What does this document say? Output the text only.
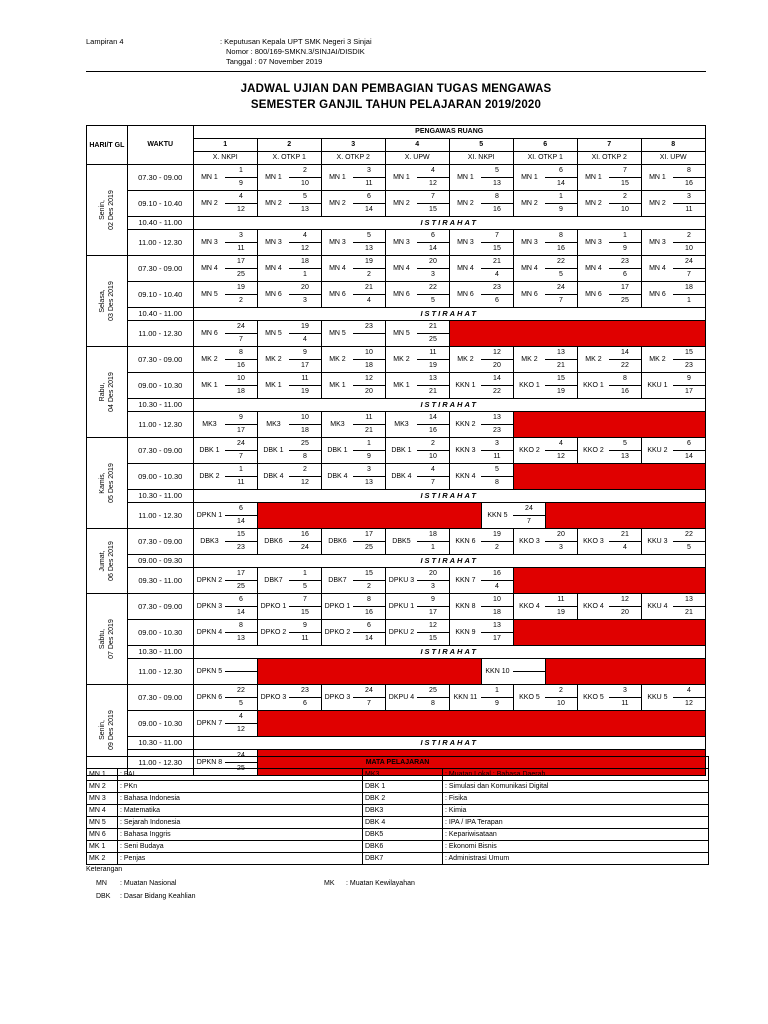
Lampiran 4	: Keputusan Kepala UPT SMK Negeri 3 Sinjai
Nomor : 800/169-SMKN.3/SINJAI/DISDIK
Tanggal : 07 November 2019
JADWAL UJIAN DAN PEMBAGIAN TUGAS MENGAWAS
SEMESTER GANJIL TAHUN PELAJARAN 2019/2020
HARI/T GL	WAKTU	PENGAWAS RUANG															
		1		2		3		4		5		6		7		8	
		X. NKPI		X. OTKP 1		X. OTKP 2		X. UPW		XI. NKPI		XI. OTKP 1		XI. OTKP 2		XI. UPW	

Senin, 02 Des 2019	07.30 - 09.00	MN 1	1	MN 1	2	MN 1	3	MN 1	4	MN 1	5	MN 1	6	MN 1	7	MN 1	8
			9		10		11		12		13		14		15		16
	09.10 - 10.40	MN 2	4	MN 2	5	MN 2	6	MN 2	7	MN 2	8	MN 2	1	MN 2	2	MN 2	3
			12		13		14		15		16		9		10		11
	10.40 - 11.00	ISTIRAHAT															
	11.00 - 12.30	MN 3	3	MN 3	4	MN 3	5	MN 3	6	MN 3	7	MN 3	8	MN 3	1	MN 3	2
			11		12		13		14		15		16		9		10

Selasa, 03 Des 2019	07.30 - 09.00	MN 4	17	MN 4	18	MN 4	19	MN 4	20	MN 4	21	MN 4	22	MN 4	23	MN 4	24
			25		1		2		3		4		5		6		7
	09.10 - 10.40	MN 5	19	MN 6	20	MN 6	21	MN 6	22	MN 6	23	MN 6	24	MN 6	17	MN 6	18
			2		3		4		5		6		7		25		1
	10.40 - 11.00	ISTIRAHAT															
	11.00 - 12.30	MN 6	24	MN 5	19	MN 5	23	MN 5	21								
			7		4				25								

Rabu, 04 Des 2019	07.30 - 09.00	MK 2	8	MK 2	9	MK 2	10	MK 2	11	MK 2	12	MK 2	13	MK 2	14	MK 2	15
			16		17		18		19		20		21		22		23
	09.00 - 10.30	MK 1	10	MK 1	11	MK 1	12	MK 1	13	KKN 1	14	KKO 1	15	KKO 1	8	KKU 1	9
			18		19		20		21		22		19		16		17
	10.30 - 11.00	ISTIRAHAT															
	11.00 - 12.30	MK3	9	MK3	10	MK3	11	MK3	14	KKN 2	13						
			17		18		21		16		23						

Kamis, 05 Des 2019	07.30 - 09.00	DBK 1	24	DBK 1	25	DBK 1	1	DBK 1	2	KKN 3	3	KKO 2	4	KKO 2	5	KKU 2	6
			7		8		9		10		11		12		13		14
	09.00 - 10.30	DBK 2	1	DBK 4	2	DBK 4	3	DBK 4	4	KKN 4	5						
			11		12		13		7		8						
	10.30 - 11.00	ISTIRAHAT															
	11.00 - 12.30	DPKN 1	6								KKN 5	24					
			14									7					

Jumat, 06 Des 2019	07.30 - 09.00	DBK3	15	DBK6	16	DBK6	17	DBK5	18	KKN 6	19	KKO 3	20	KKO 3	21	KKU 3	22
			23		24		25		1		2		3		4		5
	09.00 - 09.30	ISTIRAHAT															
	09.30 - 11.00	DPKN 2	17	DBK7	1	DBK7	15	DPKU 3	20	KKN 7	16						
			25		5		2		3		4						

Sabtu, 07 Des 2019	07.30 - 09.00	DPKN 3	6	DPKO 1	7	DPKO 1	8	DPKU 1	9	KKN 8	10	KKO 4	11	KKO 4	12	KKU 4	13
			14		15		16		17		18		19		20		21
	09.00 - 10.30	DPKN 4	8	DPKO 2	9	DPKO 2	6	DPKU 2	12	KKN 9	13						
			13		11		14		15		17						
	10.30 - 11.00	ISTIRAHAT															
	11.00 - 12.30	DPKN 5									KKN 10						

Senin, 09 Des 2019	07.30 - 09.00	DPKN 6	22	DPKO 3	23	DPKO 3	24	DKPU 4	25	KKN 11	1	KKO 5	2	KKO 5	3	KKU 5	4
			5		6		7		8		9		10		11		12
	09.00 - 10.30	DPKN 7	4														
			12														
	10.30 - 11.00	ISTIRAHAT															
	11.00 - 12.30	DPKN 8	24														
			25														
MATA PELAJARAN			
MN 1	: PAI	MK3	: Muatan Lokal : Bahasa Daerah
MN 2	: PKn	DBK 1	: Simulasi dan Komunikasi Digital
MN 3	: Bahasa Indonesia	DBK 2	: Fisika
MN 4	: Matematika	DBK3	: Kimia
MN 5	: Sejarah Indonesia	DBK 4	: IPA / IPA Terapan
MN 6	: Bahasa Inggris	DBK5	: Kepariwisataan
MK 1	: Seni Budaya	DBK6	: Ekonomi Bisnis
MK 2	: Penjas	DBK7	: Administrasi Umum
Keterangan
MN : Muatan Nasional	MK : Muatan Kewilayahan
DBK : Dasar Bidang Keahlian
